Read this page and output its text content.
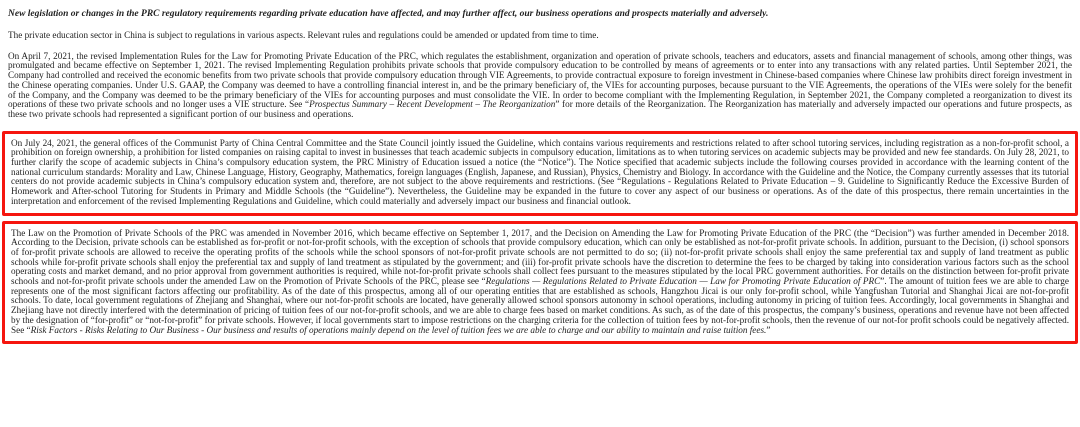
New legislation or changes in the PRC regulatory requirements regarding private education have affected, and may further affect, our business operations and prospects materially and adversely.

The private education sector in China is subject to regulations in various aspects. Relevant rules and regulations could be amended or updated from time to time.

On April 7, 2021, the revised Implementation Rules for the Law for Promoting Private Education of the PRC, which regulates the establishment, organization and operation of private schools, teachers and educators, assets and financial management of schools, among other things, was promulgated and became effective on September 1, 2021. The revised Implementing Regulation prohibits private schools that provide compulsory education to be controlled by means of agreements or to enter into any transactions with any related parties. Until September 2021, the Company had controlled and received the economic benefits from two private schools that provide compulsory education through VIE Agreements, to provide contractual exposure to foreign investment in Chinese-based companies where Chinese law prohibits direct foreign investment in the Chinese operating companies. Under U.S. GAAP, the Company was deemed to have a controlling financial interest in, and be the primary beneficiary of, the VIEs for accounting purposes, because pursuant to the VIE Agreements, the operations of the VIEs were solely for the benefit of the Company, and the Company was deemed to be the primary beneficiary of the VIEs for accounting purposes and must consolidate the VIE. In order to become compliant with the Implementing Regulation, in September 2021, the Company completed a reorganization to divest its operations of these two private schools and no longer uses a VIE structure. See “Prospectus Summary – Recent Development – The Reorganization” for more details of the Reorganization. The Reorganization has materially and adversely impacted our operations and future prospects, as these two private schools had represented a significant portion of our business and operations.

On July 24, 2021, the general offices of the Communist Party of China Central Committee and the State Council jointly issued the Guideline, which contains various requirements and restrictions related to after school tutoring services, including registration as a non-for-profit school, a prohibition on foreign ownership, a prohibition for listed companies on raising capital to invest in businesses that teach academic subjects in compulsory education, limitations as to when tutoring services on academic subjects may be provided and new fee standards. On July 28, 2021, to further clarify the scope of academic subjects in China’s compulsory education system, the PRC Ministry of Education issued a notice (the “Notice”). The Notice specified that academic subjects include the following courses provided in accordance with the learning content of the national curriculum standards: Morality and Law, Chinese Language, History, Geography, Mathematics, foreign languages (English, Japanese, and Russian), Physics, Chemistry and Biology. In accordance with the Guideline and the Notice, the Company currently assesses that its tutorial centers do not provide academic subjects in China’s compulsory education system and, therefore, are not subject to the above requirements and restrictions. (See “Regulations - Regulations Related to Private Education – 9. Guideline to Significantly Reduce the Excessive Burden of Homework and After-school Tutoring for Students in Primary and Middle Schools (the “Guideline”). Nevertheless, the Guideline may be expanded in the future to cover any aspect of our business or operations. As of the date of this prospectus, there remain uncertainties in the interpretation and enforcement of the revised Implementing Regulations and Guideline, which could materially and adversely impact our business and financial outlook.

The Law on the Promotion of Private Schools of the PRC was amended in November 2016, which became effective on September 1, 2017, and the Decision on Amending the Law for Promoting Private Education of the PRC (the “Decision”) was further amended in December 2018. According to the Decision, private schools can be established as for-profit or not-for-profit schools, with the exception of schools that provide compulsory education, which can only be established as not-for-profit private schools. In addition, pursuant to the Decision, (i) school sponsors of for-profit private schools are allowed to receive the operating profits of the schools while the school sponsors of not-for-profit private schools are not permitted to do so; (ii) not-for-profit private schools shall enjoy the same preferential tax and supply of land treatment as public schools while for-profit private schools shall enjoy the preferential tax and supply of land treatment as stipulated by the government; and (iii) for-profit private schools have the discretion to determine the fees to be charged by taking into consideration various factors such as the school operating costs and market demand, and no prior approval from government authorities is required, while not-for-profit private schools shall collect fees pursuant to the measures stipulated by the local PRC government authorities. For details on the distinction between for-profit private schools and not-for-profit private schools under the amended Law on the Promotion of Private Schools of the PRC, please see “Regulations — Regulations Related to Private Education — Law for Promoting Private Education of PRC”. The amount of tuition fees we are able to charge represents one of the most significant factors affecting our profitability. As of the date of this prospectus, among all of our operating entities that are established as schools, Hangzhou Jicai is our only for-profit school, while Yangfushan Tutorial and Shanghai Jicai are not-for-profit schools. To date, local government regulations of Zhejiang and Shanghai, where our not-for-profit schools are located, have generally allowed school sponsors autonomy in school operations, including autonomy in pricing of tuition fees. Accordingly, local governments in Shanghai and Zhejiang have not directly interfered with the determination of pricing of tuition fees of our not-for-profit schools, and we are able to charge fees based on market conditions. As such, as of the date of this prospectus, the company’s business, operations and revenue have not been affected by the designation of “for-profit” or “not-for-profit” for private schools. However, if local governments start to impose restrictions on the charging criteria for the collection of tuition fees by not-for-profit schools, then the revenue of our not-for profit schools could be negatively affected. See “Risk Factors - Risks Relating to Our Business - Our business and results of operations mainly depend on the level of tuition fees we are able to charge and our ability to maintain and raise tuition fees.”
